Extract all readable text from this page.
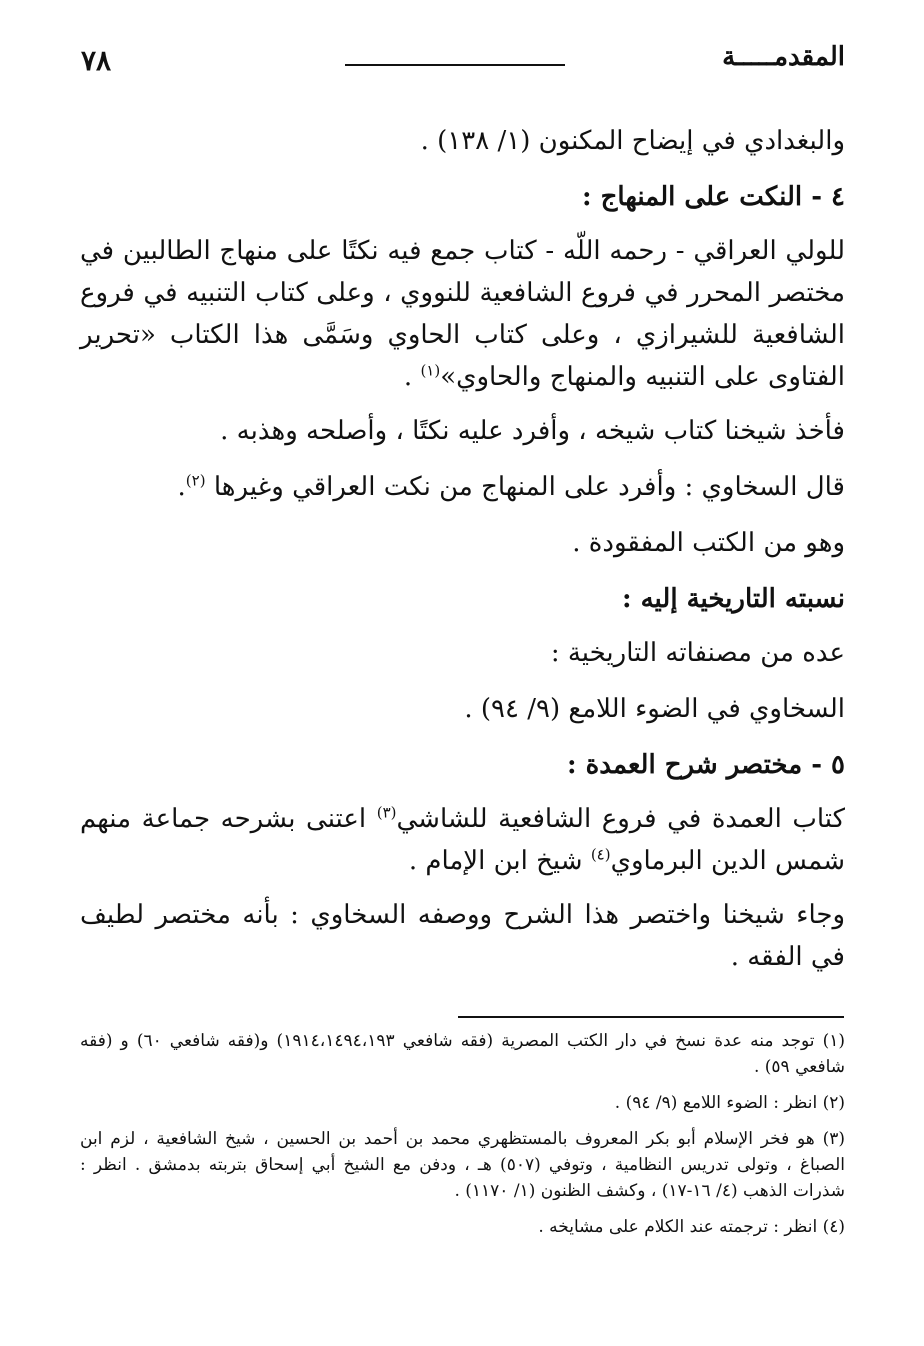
٧٨	المقدمـــــة

والبغدادي في إيضاح المكنون (١/ ١٣٨) .

٤ - النكت على المنهاج :

للولي العراقي - رحمه اللّه - كتاب جمع فيه نكتًا على منهاج الطالبين في مختصر المحرر في فروع الشافعية للنووي ، وعلى كتاب التنبيه في فروع الشافعية للشيرازي ، وعلى كتاب الحاوي وسَمَّى هذا الكتاب «تحرير الفتاوى على التنبيه والمنهاج والحاوي»$^{(١)}$ .

فأخذ شيخنا كتاب شيخه ، وأفرد عليه نكتًا ، وأصلحه وهذبه .

قال السخاوي : وأفرد على المنهاج من نكت العراقي وغيرها $^{(٢)}$.

وهو من الكتب المفقودة .

نسبته التاريخية إليه :

عده من مصنفاته التاريخية :

السخاوي في الضوء اللامع (٩/ ٩٤) .

٥ - مختصر شرح العمدة :

كتاب العمدة في فروع الشافعية للشاشي$^{(٣)}$ اعتنى بشرحه جماعة منهم شمس الدين البرماوي$^{(٤)}$ شيخ ابن الإمام .

وجاء شيخنا واختصر هذا الشرح ووصفه السخاوي : بأنه مختصر لطيف في الفقه .

(١) توجد منه عدة نسخ في دار الكتب المصرية (فقه شافعي ١٩١٤،١٤٩٤،١٩٣) و(فقه شافعي ٦٠) و (فقه شافعي ٥٩) .

(٢) انظر : الضوء اللامع (٩/ ٩٤) .

(٣) هو فخر الإسلام أبو بكر المعروف بالمستظهري محمد بن أحمد بن الحسين ، شيخ الشافعية ، لزم ابن الصباغ ، وتولى تدريس النظامية ، وتوفي (٥٠٧) هـ ، ودفن مع الشيخ أبي إسحاق بتربته بدمشق . انظر : شذرات الذهب (٤/ ١٦-١٧) ، وكشف الظنون (١/ ١١٧٠) .

(٤) انظر : ترجمته عند الكلام على مشايخه .
